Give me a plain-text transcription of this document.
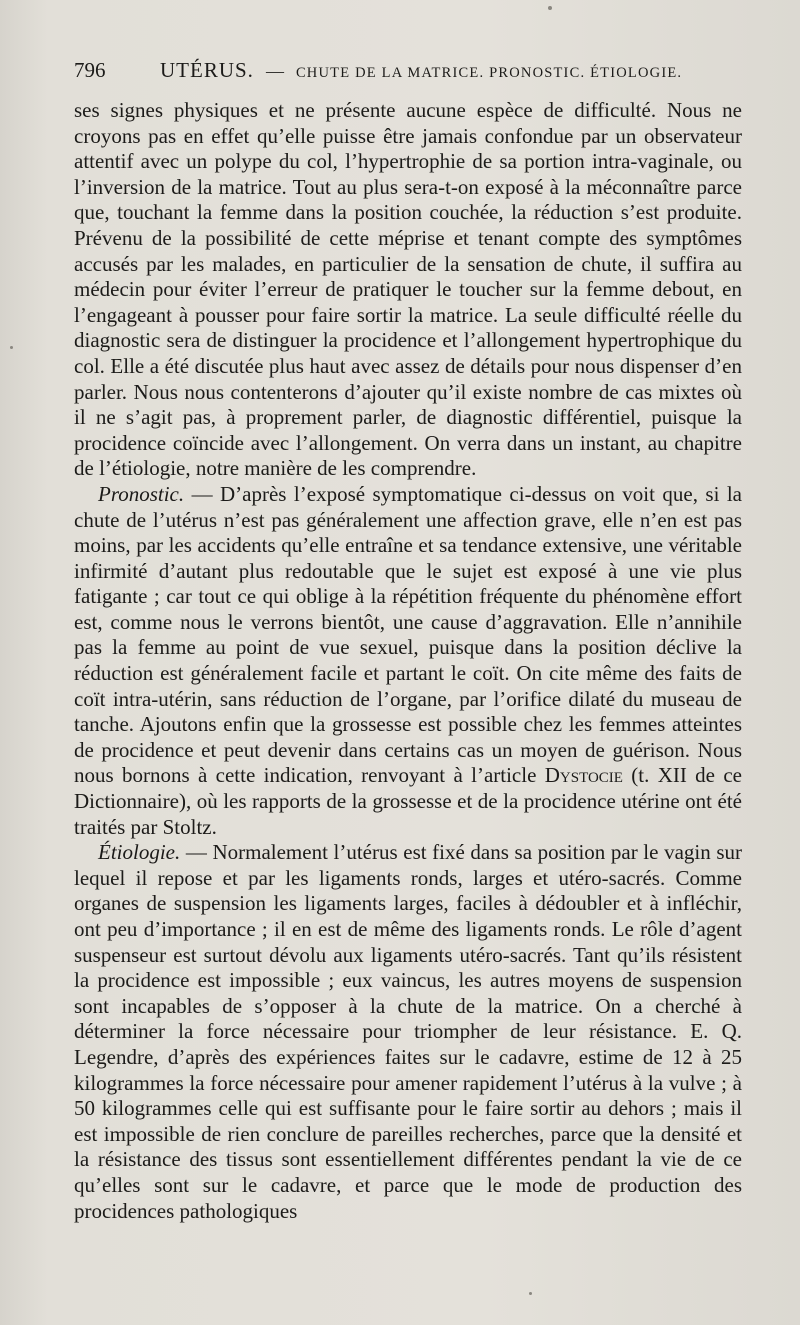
796	UTÉRUS. — CHUTE DE LA MATRICE. PRONOSTIC. ÉTIOLOGIE.

ses signes physiques et ne présente aucune espèce de difficulté. Nous ne croyons pas en effet qu’elle puisse être jamais confondue par un observateur attentif avec un polype du col, l’hypertrophie de sa portion intra-vaginale, ou l’inversion de la matrice. Tout au plus sera-t-on exposé à la méconnaître parce que, touchant la femme dans la position couchée, la réduction s’est produite. Prévenu de la possibilité de cette méprise et tenant compte des symptômes accusés par les malades, en particulier de la sensation de chute, il suffira au médecin pour éviter l’erreur de pratiquer le toucher sur la femme debout, en l’engageant à pousser pour faire sortir la matrice. La seule difficulté réelle du diagnostic sera de distinguer la procidence et l’allongement hypertrophique du col. Elle a été discutée plus haut avec assez de détails pour nous dispenser d’en parler. Nous nous contenterons d’ajouter qu’il existe nombre de cas mixtes où il ne s’agit pas, à proprement parler, de diagnostic différentiel, puisque la procidence coïncide avec l’allongement. On verra dans un instant, au chapitre de l’étiologie, notre manière de les comprendre.

Pronostic. — D’après l’exposé symptomatique ci-dessus on voit que, si la chute de l’utérus n’est pas généralement une affection grave, elle n’en est pas moins, par les accidents qu’elle entraîne et sa tendance extensive, une véritable infirmité d’autant plus redoutable que le sujet est exposé à une vie plus fatigante ; car tout ce qui oblige à la répétition fréquente du phénomène effort est, comme nous le verrons bientôt, une cause d’aggravation. Elle n’annihile pas la femme au point de vue sexuel, puisque dans la position déclive la réduction est généralement facile et partant le coït. On cite même des faits de coït intra-utérin, sans réduction de l’organe, par l’orifice dilaté du museau de tanche. Ajoutons enfin que la grossesse est possible chez les femmes atteintes de procidence et peut devenir dans certains cas un moyen de guérison. Nous nous bornons à cette indication, renvoyant à l’article Dystocie (t. XII de ce Dictionnaire), où les rapports de la grossesse et de la procidence utérine ont été traités par Stoltz.

Étiologie. — Normalement l’utérus est fixé dans sa position par le vagin sur lequel il repose et par les ligaments ronds, larges et utéro-sacrés. Comme organes de suspension les ligaments larges, faciles à dédoubler et à infléchir, ont peu d’importance ; il en est de même des ligaments ronds. Le rôle d’agent suspenseur est surtout dévolu aux ligaments utéro-sacrés. Tant qu’ils résistent la procidence est impossible ; eux vaincus, les autres moyens de suspension sont incapables de s’opposer à la chute de la matrice. On a cherché à déterminer la force nécessaire pour triompher de leur résistance. E. Q. Legendre, d’après des expériences faites sur le cadavre, estime de 12 à 25 kilogrammes la force nécessaire pour amener rapidement l’utérus à la vulve ; à 50 kilogrammes celle qui est suffisante pour le faire sortir au dehors ; mais il est impossible de rien conclure de pareilles recherches, parce que la densité et la résistance des tissus sont essentiellement différentes pendant la vie de ce qu’elles sont sur le cadavre, et parce que le mode de production des procidences pathologiques
